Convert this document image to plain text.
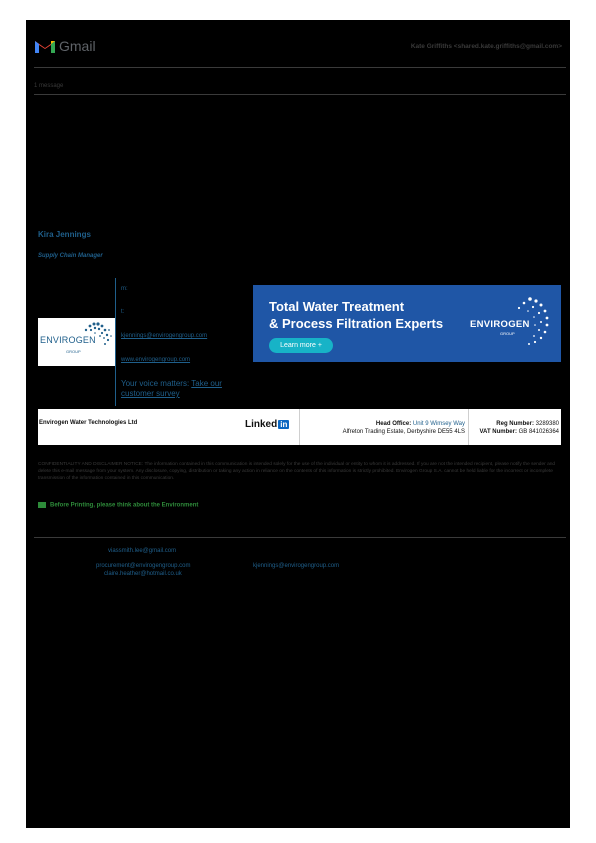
Gmail	Kate Griffiths <shared.kate.griffiths@gmail.com>
1 message
Kira Jennings
Supply Chain Manager
ENVIROGEN
GROUP
m:
t:
kjennings@envirogengroup.com
www.envirogengroup.com
Your voice matters: Take our customer survey
Total Water Treatment
& Process Filtration Experts
Learn more +
ENVIROGEN
GROUP
Envirogen Water Technologies Ltd	Linked in	Head Office: Unit 9 Wimsey Way
Alfreton Trading Estate, Derbyshire DE55 4LS
Reg Number: 3289380
VAT Number: GB 841026364
CONFIDENTIALITY AND DISCLAIMER NOTICE: The information contained in this communication is intended solely for the use of the individual or entity to whom it is addressed. If you are not the intended recipient, please notify the sender and delete this e-mail message from your system. Any disclosure, copying, distribution or taking any action in reliance on the contents of this information is strictly prohibited. Envirogen Group S.A. cannot be held liable for the incorrect or incomplete transmission of the information contained in this communication.
Before Printing, please think about the Environment
viassmith.lee@gmail.com
procurement@envirogengroup.com	kjennings@envirogengroup.com
claire.heather@hotmail.co.uk
